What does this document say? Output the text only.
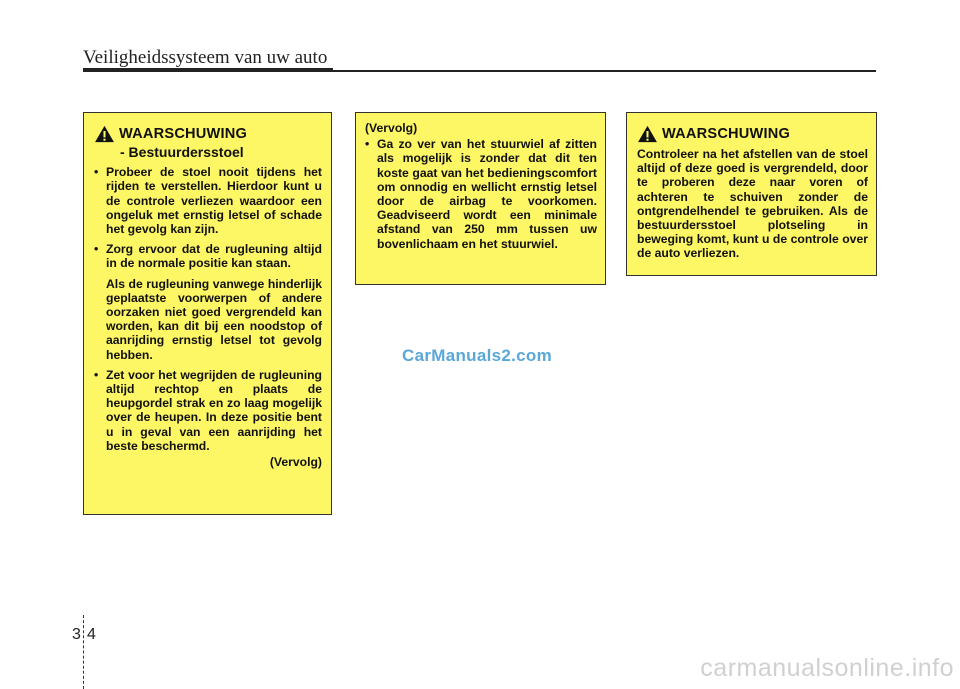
Veiligheidssysteem van uw auto
WAARSCHUWING
- Bestuurdersstoel
• Probeer de stoel nooit tijdens het rijden te verstellen. Hierdoor kunt u de controle verliezen waardoor een ongeluk met ernstig letsel of schade het gevolg kan zijn.
• Zorg ervoor dat de rugleuning altijd in de normale positie kan staan.
Als de rugleuning vanwege hinderlijk geplaatste voorwerpen of andere oorzaken niet goed vergrendeld kan worden, kan dit bij een noodstop of aanrijding ernstig letsel tot gevolg hebben.
• Zet voor het wegrijden de rugleuning altijd rechtop en plaats de heupgordel strak en zo laag mogelijk over de heupen. In deze positie bent u in geval van een aanrijding het beste beschermd.
(Vervolg)
(Vervolg)
• Ga zo ver van het stuurwiel af zitten als mogelijk is zonder dat dit ten koste gaat van het bedieningscomfort om onnodig en wellicht ernstig letsel door de airbag te voorkomen. Geadviseerd wordt een minimale afstand van 250 mm tussen uw bovenlichaam en het stuurwiel.
WAARSCHUWING
Controleer na het afstellen van de stoel altijd of deze goed is vergrendeld, door te proberen deze naar voren of achteren te schuiven zonder de ontgrendelhendel te gebruiken. Als de bestuurdersstoel plotseling in beweging komt, kunt u de controle over de auto verliezen.
CarManuals2.com
3 4
carmanualsonline.info
